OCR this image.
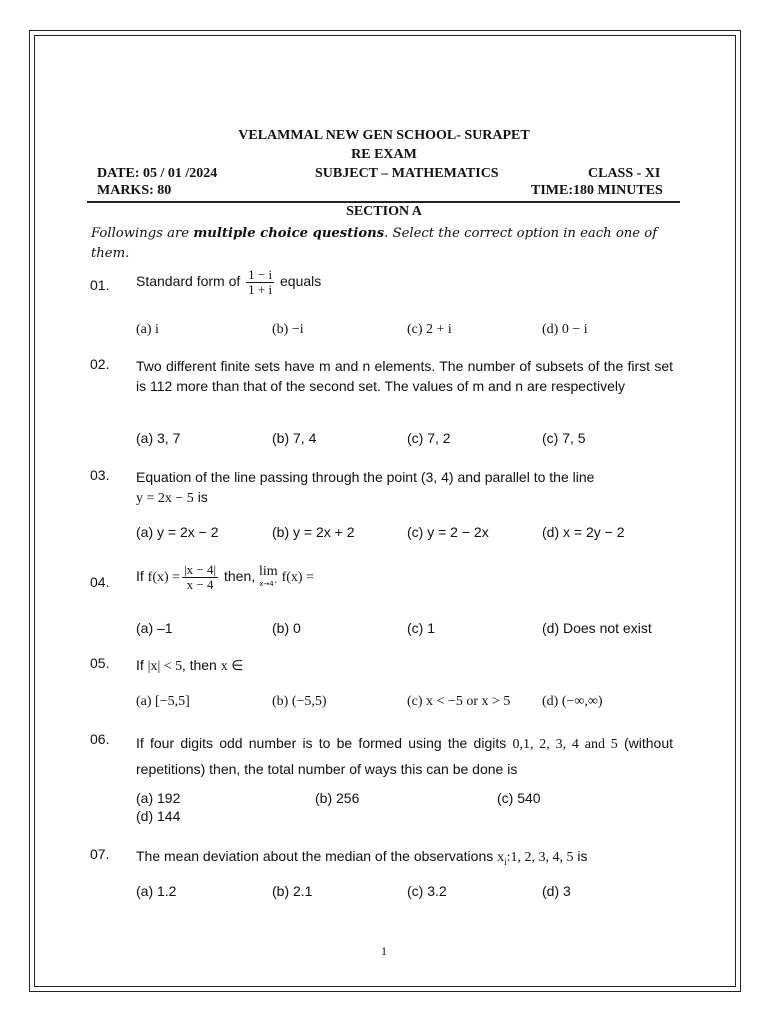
VELAMMAL NEW GEN SCHOOL- SURAPET
RE EXAM
DATE: 05 / 01 /2024	SUBJECT – MATHEMATICS	CLASS - XI
MARKS: 80	TIME:180 MINUTES
SECTION A
Followings are multiple choice questions. Select the correct option in each one of them.
01. Standard form of $\frac{1 - i}{1 + i}$ equals
(a) i	(b) −i	(c) 2 + i	(d) 0 − i
02. Two different finite sets have m and n elements. The number of subsets of the first set is 112 more than that of the second set. The values of m and n are respectively
(a) 3, 7	(b) 7, 4	(c) 7, 2	(c) 7, 5
03. Equation of the line passing through the point (3, 4) and parallel to the line
y = 2x − 5 is
(a) y = 2x − 2	(b) y = 2x + 2	(c) y = 2 − 2x	(d) x = 2y − 2
04. If $f(x) = \frac{|x - 4|}{x - 4}$ then, lim
x→4⁺ f(x) =
(a) –1	(b) 0	(c) 1	(d) Does not exist
05. If |x| < 5, then x ∈
(a) [−5,5]	(b) (−5,5)	(c) x < −5 or x > 5 (d) (−∞,∞)
06. If four digits odd number is to be formed using the digits 0,1, 2, 3, 4 and 5 (without repetitions) then, the total number of ways this can be done is
(a) 192	(b) 256	(c) 540
(d) 144
07. The mean deviation about the median of the observations $x_i:1$, 2, 3, 4, 5 is
(a) 1.2	(b) 2.1	(c) 3.2	(d) 3
1
